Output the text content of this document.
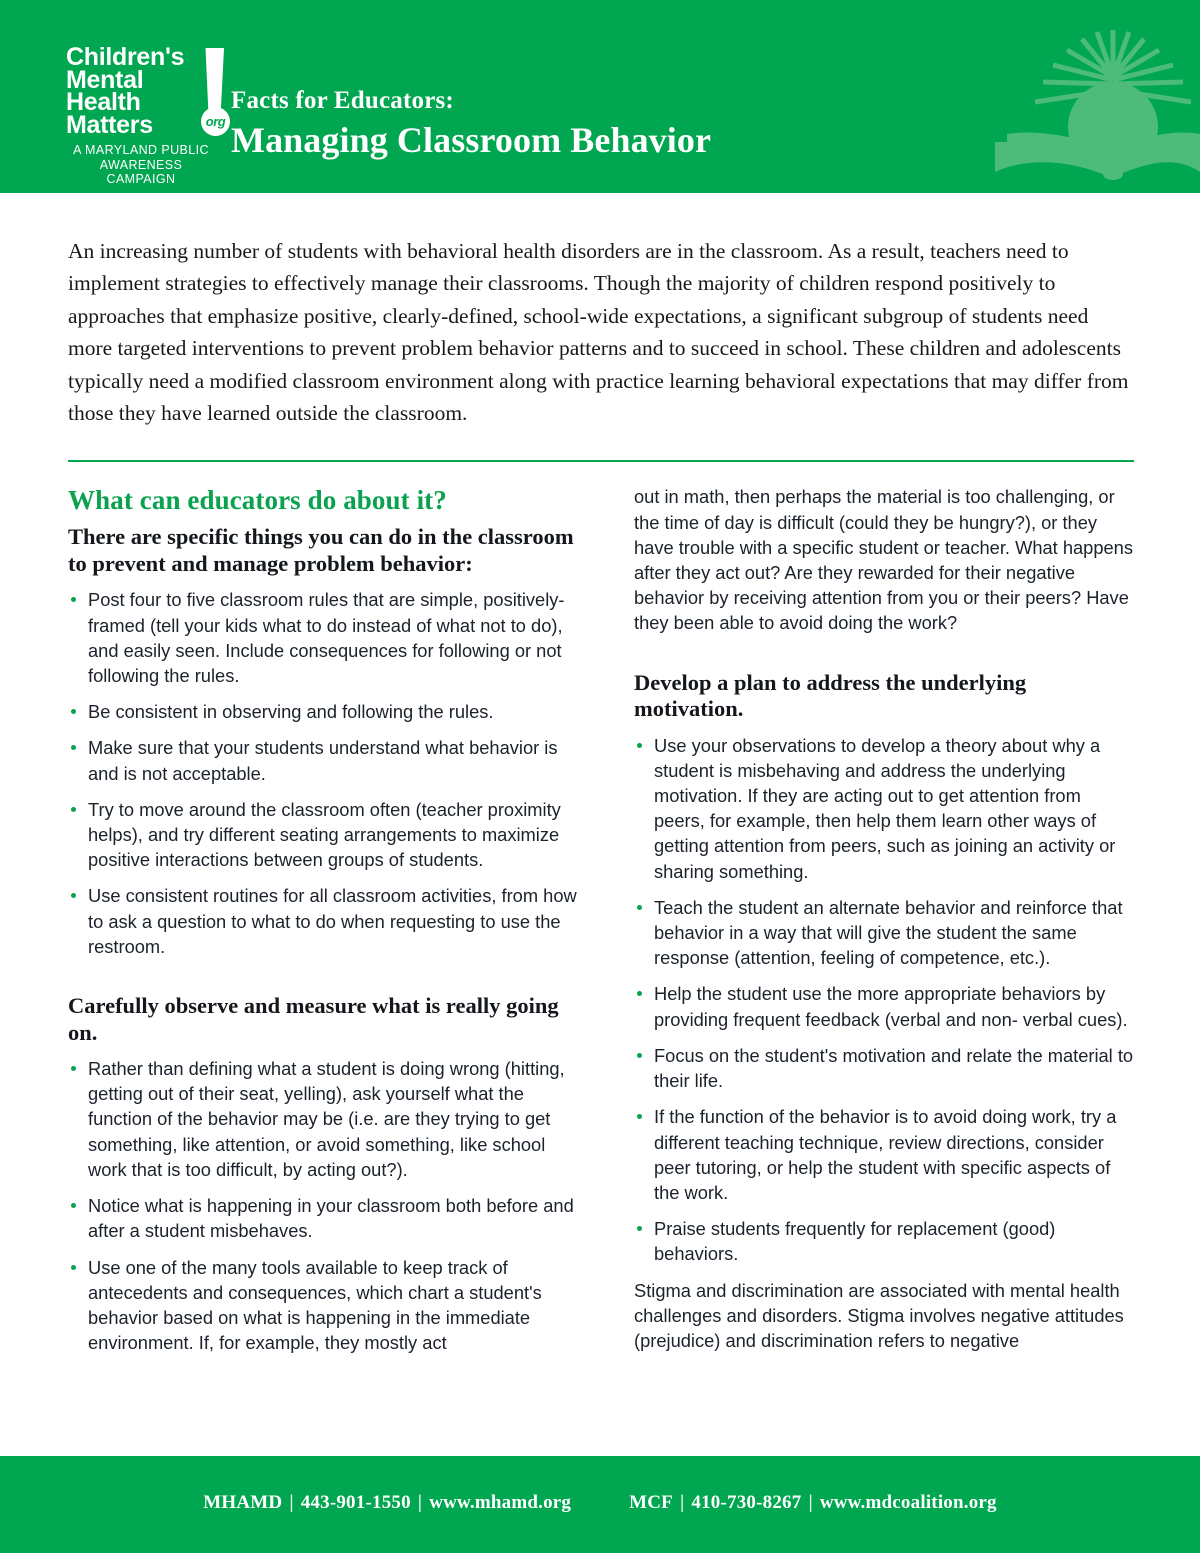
Children's
Mental
Health
Matters	org
A MARYLAND PUBLIC
AWARENESS CAMPAIGN
Facts for Educators:
Managing Classroom Behavior

An increasing number of students with behavioral health disorders are in the classroom. As a result, teachers need to implement strategies to effectively manage their classrooms. Though the majority of children respond positively to approaches that emphasize positive, clearly-defined, school-wide expectations, a significant subgroup of students need more targeted interventions to prevent problem behavior patterns and to succeed in school. These children and adolescents typically need a modified classroom environment along with practice learning behavioral expectations that may differ from those they have learned outside the classroom.

What can educators do about it?
There are specific things you can do in the classroom to prevent and manage problem behavior:
Post four to five classroom rules that are simple, positively-framed (tell your kids what to do instead of what not to do), and easily seen. Include consequences for following or not following the rules.
Be consistent in observing and following the rules.
Make sure that your students understand what behavior is and is not acceptable.
Try to move around the classroom often (teacher proximity helps), and try different seating arrangements to maximize positive interactions between groups of students.
Use consistent routines for all classroom activities, from how to ask a question to what to do when requesting to use the restroom.
Carefully observe and measure what is really going on.
Rather than defining what a student is doing wrong (hitting, getting out of their seat, yelling), ask yourself what the function of the behavior may be (i.e. are they trying to get something, like attention, or avoid something, like school work that is too difficult, by acting out?).
Notice what is happening in your classroom both before and after a student misbehaves.
Use one of the many tools available to keep track of antecedents and consequences, which chart a student's behavior based on what is happening in the immediate environment. If, for example, they mostly act

out in math, then perhaps the material is too challenging, or the time of day is difficult (could they be hungry?), or they have trouble with a specific student or teacher. What happens after they act out? Are they rewarded for their negative behavior by receiving attention from you or their peers? Have they been able to avoid doing the work?

Develop a plan to address the underlying motivation.
Use your observations to develop a theory about why a student is misbehaving and address the underlying motivation. If they are acting out to get attention from peers, for example, then help them learn other ways of getting attention from peers, such as joining an activity or sharing something.
Teach the student an alternate behavior and reinforce that behavior in a way that will give the student the same response (attention, feeling of competence, etc.).
Help the student use the more appropriate behaviors by providing frequent feedback (verbal and non- verbal cues).
Focus on the student's motivation and relate the material to their life.
If the function of the behavior is to avoid doing work, try a different teaching technique, review directions, consider peer tutoring, or help the student with specific aspects of the work.
Praise students frequently for replacement (good) behaviors.

Stigma and discrimination are associated with mental health challenges and disorders. Stigma involves negative attitudes (prejudice) and discrimination refers to negative

MHAMD | 443-901-1550 | www.mhamd.org	MCF | 410-730-8267 | www.mdcoalition.org
